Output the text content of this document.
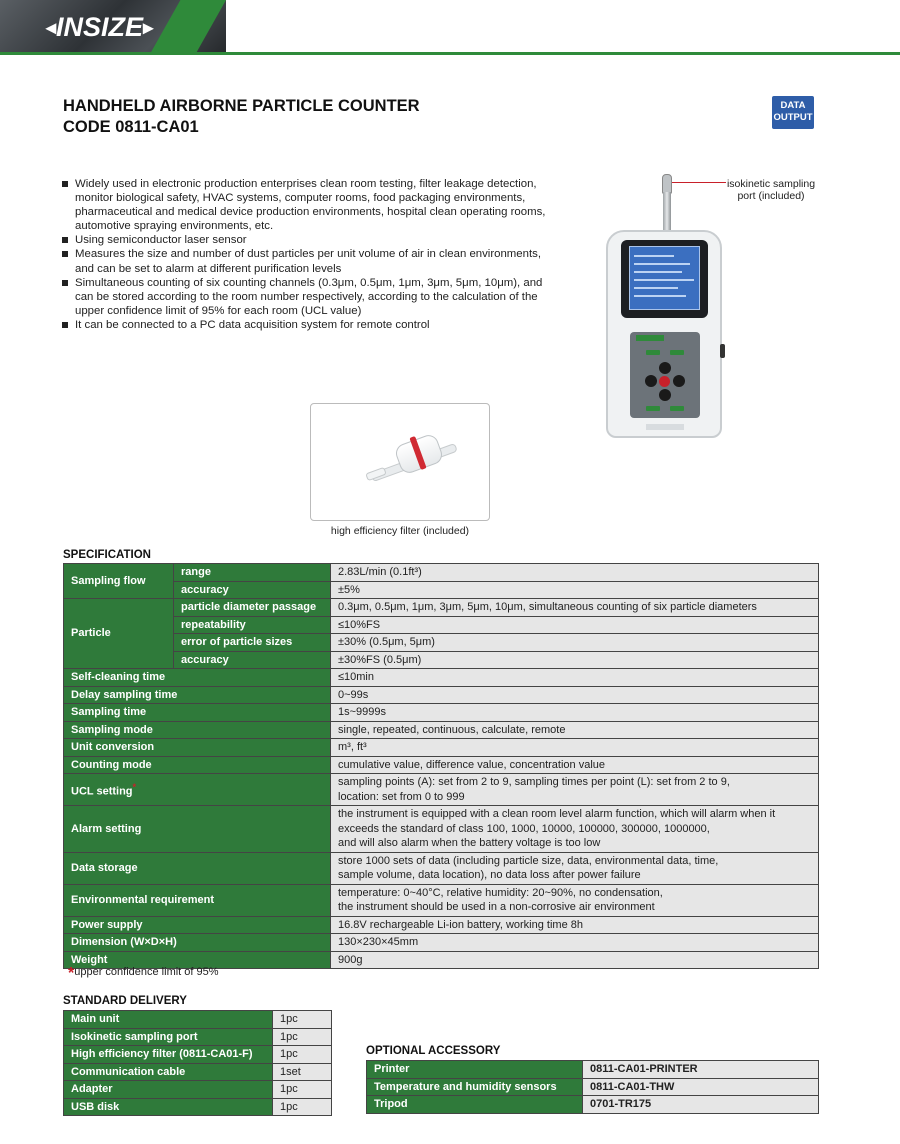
◂INSIZE▸
HANDHELD AIRBORNE PARTICLE COUNTER
CODE 0811-CA01
DATA OUTPUT
Widely used in electronic production enterprises clean room testing, filter leakage detection, monitor biological safety, HVAC systems, computer rooms, food packaging environments, pharmaceutical and medical device production environments, hospital clean operating rooms, automotive spraying environments, etc.
Using semiconductor laser sensor
Measures the size and number of dust particles per unit volume of air in clean environments, and can be set to alarm at different purification levels
Simultaneous counting of six counting channels (0.3μm, 0.5μm, 1μm, 3μm, 5μm, 10μm), and can be stored according to the room number respectively, according to the calculation of the upper confidence limit of 95% for each room (UCL value)
It can be connected to a PC data acquisition system for remote control
isokinetic sampling port (included)
high efficiency filter (included)
SPECIFICATION
Sampling flow	range	2.83L/min (0.1ft³)
	accuracy	±5%
Particle	particle diameter passage	0.3μm, 0.5μm, 1μm, 3μm, 5μm, 10μm, simultaneous counting of six particle diameters
	repeatability	≤10%FS
	error of particle sizes	±30% (0.5μm, 5μm)
	accuracy	±30%FS (0.5μm)
Self-cleaning time		≤10min
Delay sampling time		0~99s
Sampling time		1s~9999s
Sampling mode		single, repeated, continuous, calculate, remote
Unit conversion		m³, ft³
Counting mode		cumulative value, difference value, concentration value
UCL setting*		sampling points (A): set from 2 to 9, sampling times per point (L): set from 2 to 9,
location: set from 0 to 999

Alarm setting		the instrument is equipped with a clean room level alarm function, which will alarm when it
exceeds the standard of class 100, 1000, 10000, 100000, 300000, 1000000,
and will also alarm when the battery voltage is too low

Data storage		store 1000 sets of data (including particle size, data, environmental data, time,
sample volume, data location), no data loss after power failure

Environmental requirement		temperature: 0~40°C, relative humidity: 20~90%, no condensation,
the instrument should be used in a non-corrosive air environment

Power supply		16.8V rechargeable Li-ion battery, working time 8h
Dimension (W×D×H)		130×230×45mm
Weight		900g
*upper confidence limit of 95%
STANDARD DELIVERY
Main unit	1pc
Isokinetic sampling port	1pc
High efficiency filter (0811-CA01-F)	1pc
Communication cable	1set
Adapter	1pc
USB disk	1pc
OPTIONAL ACCESSORY
Printer	0811-CA01-PRINTER
Temperature and humidity sensors	0811-CA01-THW
Tripod	0701-TR175
